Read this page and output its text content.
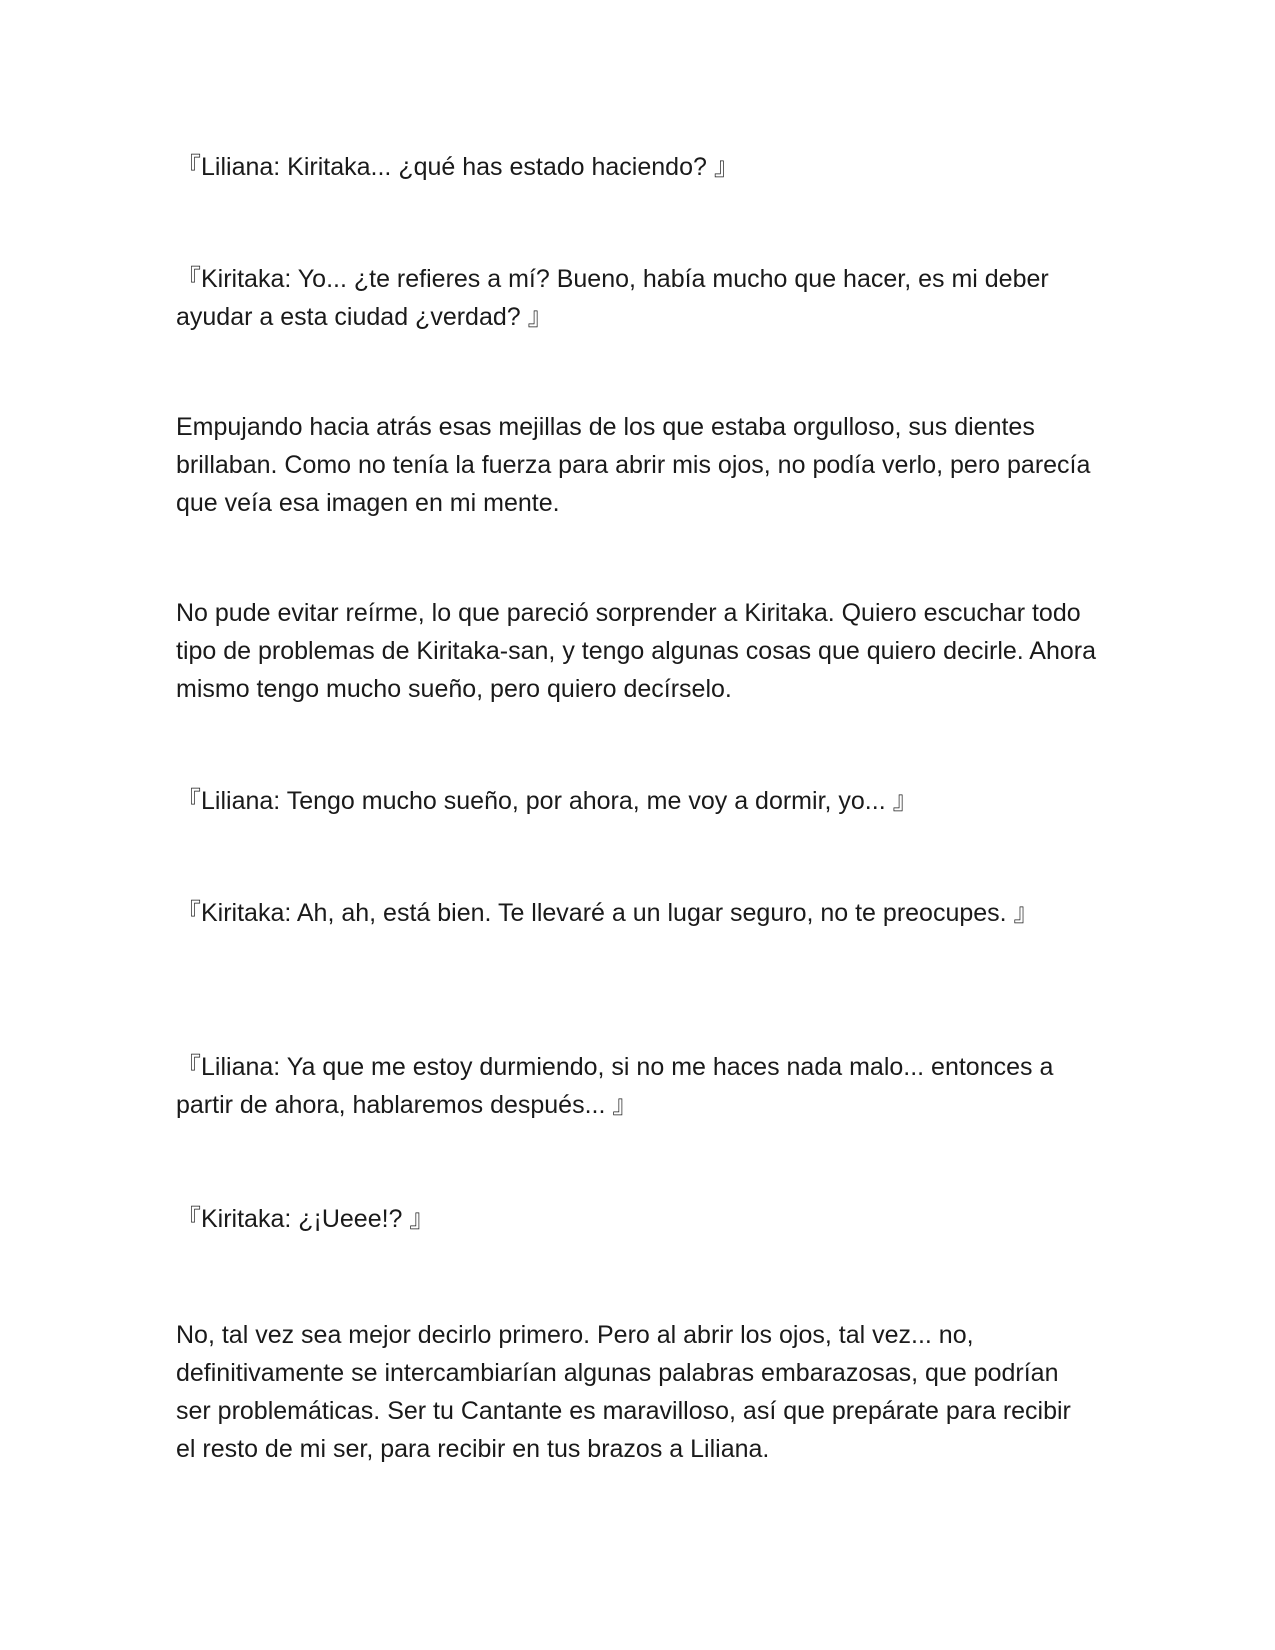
『Liliana: Kiritaka... ¿qué has estado haciendo? 』

『Kiritaka: Yo... ¿te refieres a mí? Bueno, había mucho que hacer, es mi deber ayudar a esta ciudad ¿verdad? 』

Empujando hacia atrás esas mejillas de los que estaba orgulloso, sus dientes brillaban. Como no tenía la fuerza para abrir mis ojos, no podía verlo, pero parecía que veía esa imagen en mi mente.

No pude evitar reírme, lo que pareció sorprender a Kiritaka. Quiero escuchar todo tipo de problemas de Kiritaka-san, y tengo algunas cosas que quiero decirle. Ahora mismo tengo mucho sueño, pero quiero decírselo.

『Liliana: Tengo mucho sueño, por ahora, me voy a dormir, yo... 』

『Kiritaka: Ah, ah, está bien. Te llevaré a un lugar seguro, no te preocupes. 』

『Liliana: Ya que me estoy durmiendo, si no me haces nada malo... entonces a partir de ahora, hablaremos después... 』

『Kiritaka: ¿¡Ueee!? 』

No, tal vez sea mejor decirlo primero. Pero al abrir los ojos, tal vez... no, definitivamente se intercambiarían algunas palabras embarazosas, que podrían ser problemáticas. Ser tu Cantante es maravilloso, así que prepárate para recibir el resto de mi ser, para recibir en tus brazos a Liliana.
